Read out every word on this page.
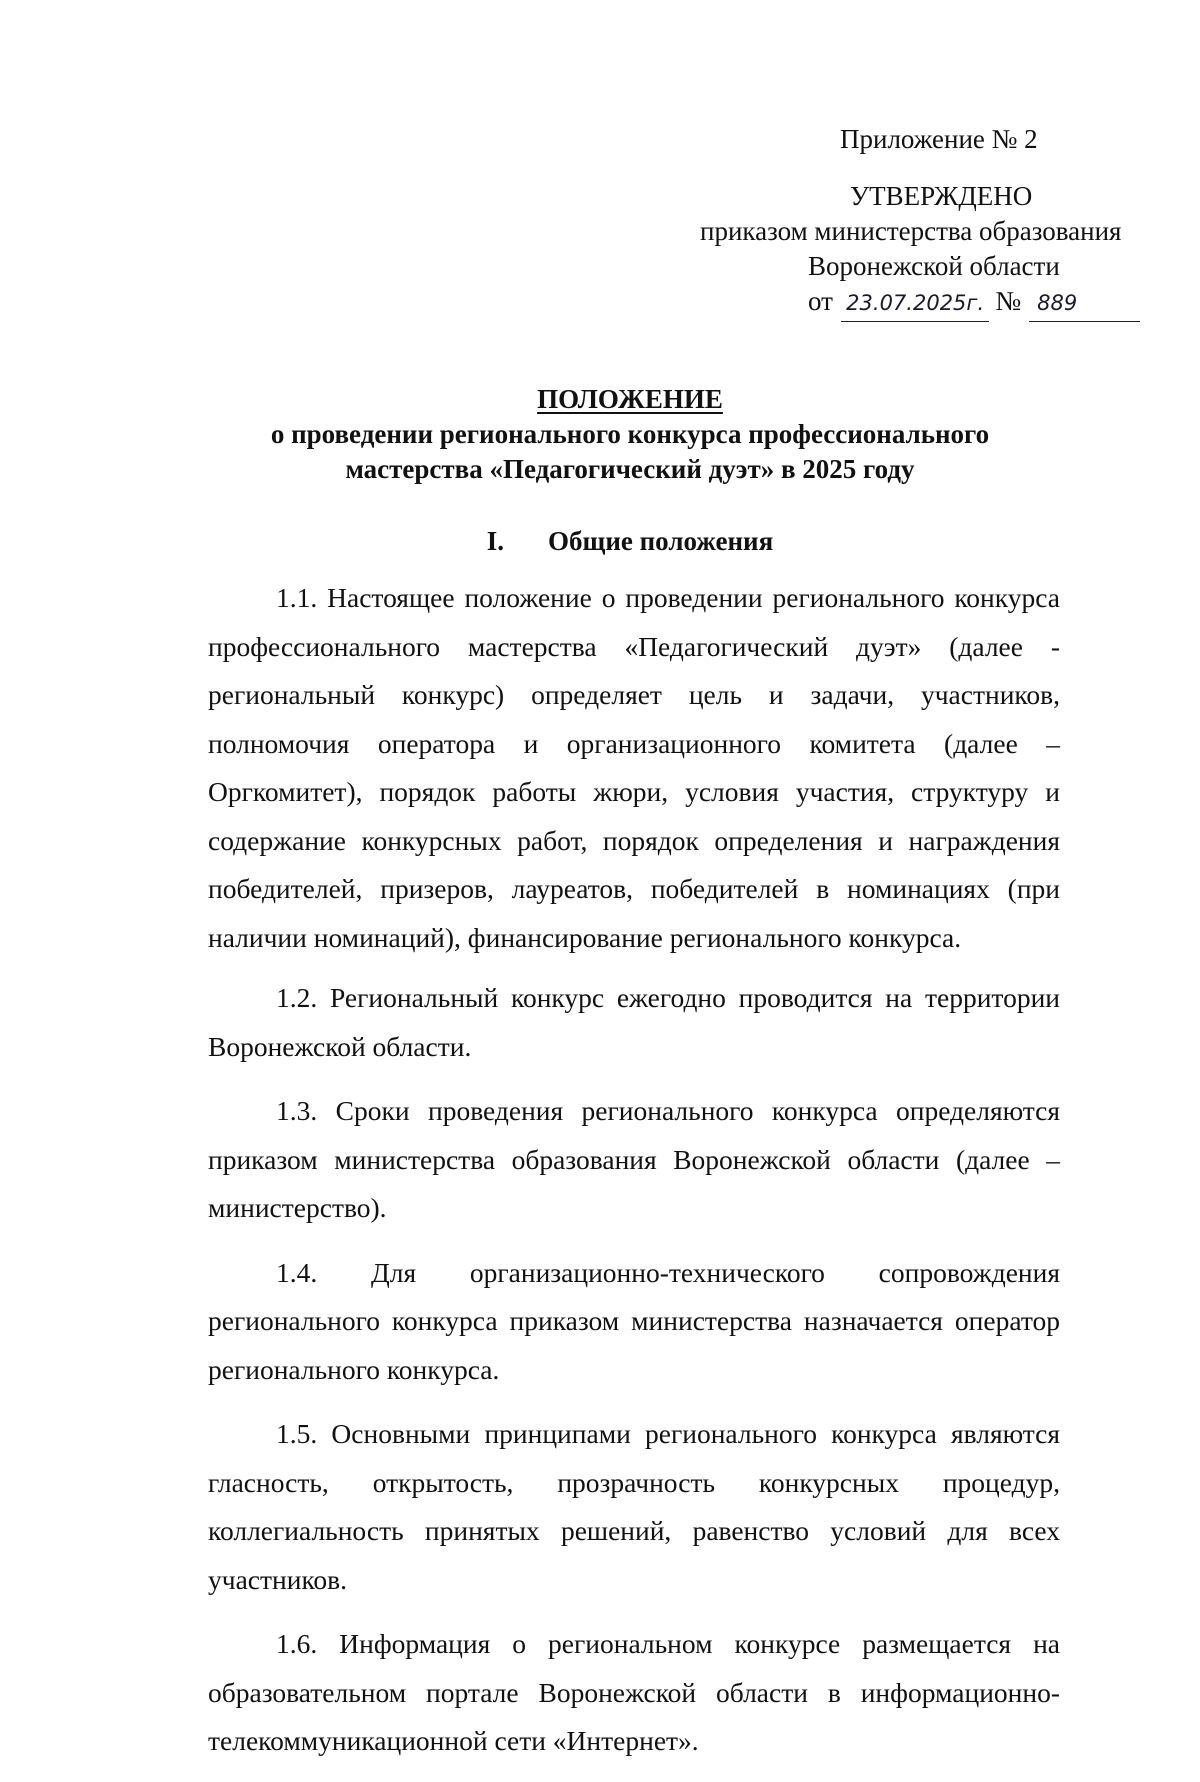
Приложение № 2
УТВЕРЖДЕНО
приказом министерства образования
Воронежской области
от 23.07.2025г. № 889
ПОЛОЖЕНИЕ
о проведении регионального конкурса профессионального
мастерства «Педагогический дуэт» в 2025 году
I. Общие положения

1.1. Настоящее положение о проведении регионального конкурса профессионального мастерства «Педагогический дуэт» (далее - региональный конкурс) определяет цель и задачи, участников, полномочия оператора и организационного комитета (далее – Оргкомитет), порядок работы жюри, условия участия, структуру и содержание конкурсных работ, порядок определения и награждения победителей, призеров, лауреатов, победителей в номинациях (при наличии номинаций), финансирование регионального конкурса.

1.2. Региональный конкурс ежегодно проводится на территории Воронежской области.

1.3. Сроки проведения регионального конкурса определяются приказом министерства образования Воронежской области (далее – министерство).

1.4. Для организационно-технического сопровождения регионального конкурса приказом министерства назначается оператор регионального конкурса.

1.5. Основными принципами регионального конкурса являются гласность, открытость, прозрачность конкурсных процедур, коллегиальность принятых решений, равенство условий для всех участников.

1.6. Информация о региональном конкурсе размещается на образовательном портале Воронежской области в информационно-телекоммуникационной сети «Интернет».
